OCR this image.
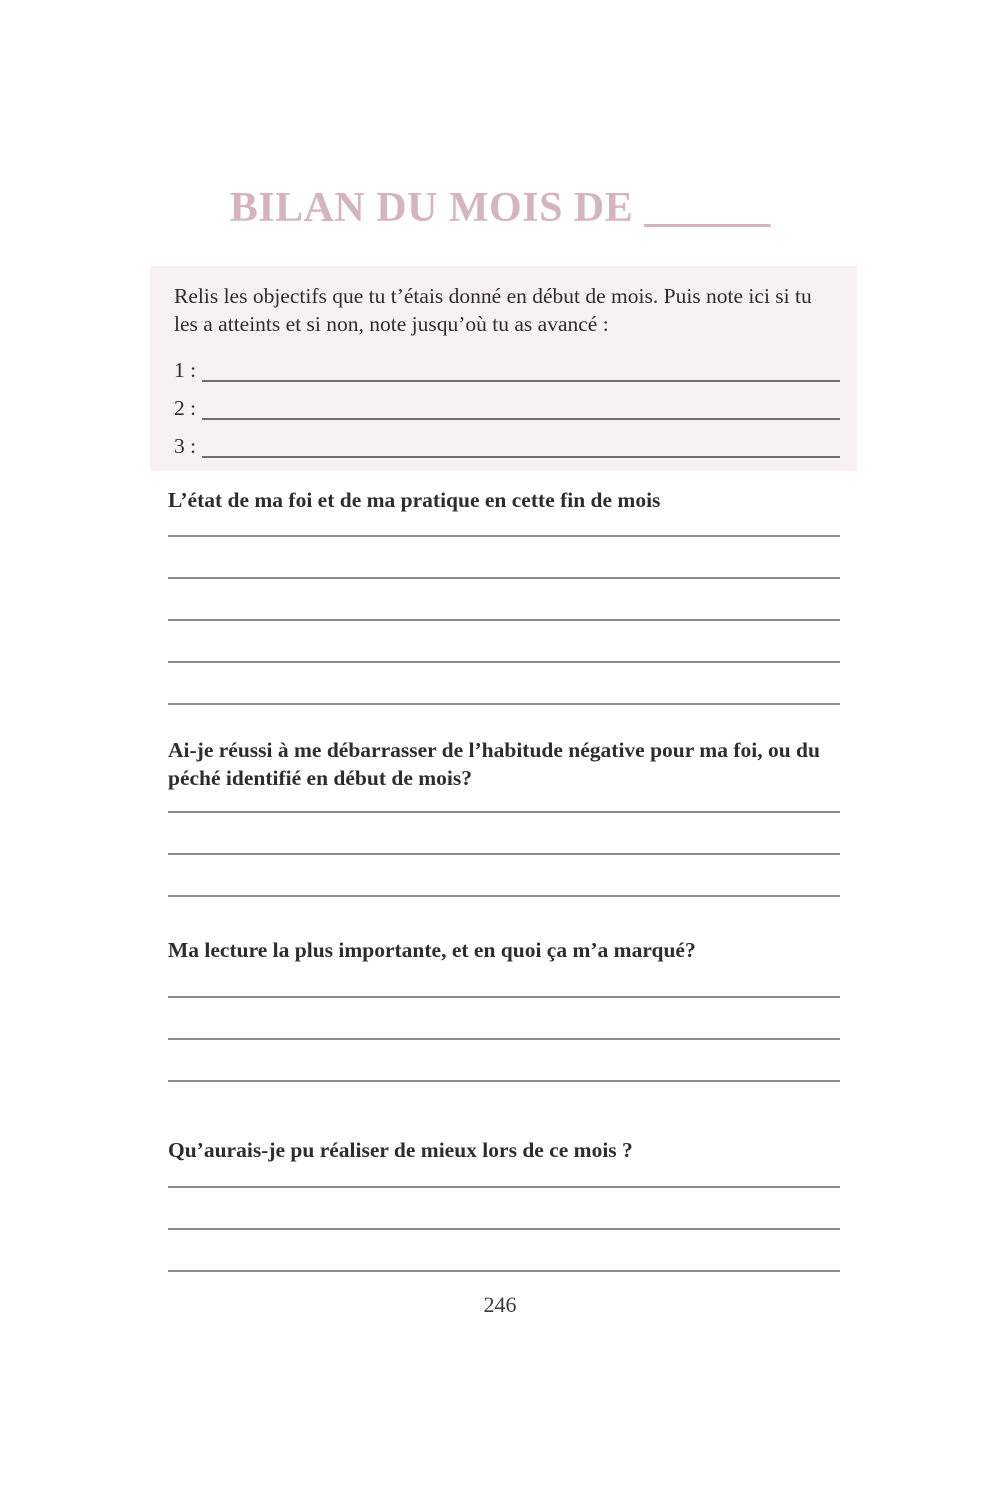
BILAN DU MOIS DE ______

Relis les objectifs que tu t’étais donné en début de mois. Puis note ici si tu les a atteints et si non, note jusqu’où tu as avancé :

1 :
2 :
3 :
L’état de ma foi et de ma pratique en cette fin de mois
Ai-je réussi à me débarrasser de l’habitude négative pour ma foi, ou du péché identifié en début de mois?
Ma lecture la plus importante, et en quoi ça m’a marqué?
Qu’aurais-je pu réaliser de mieux lors de ce mois ?
246
